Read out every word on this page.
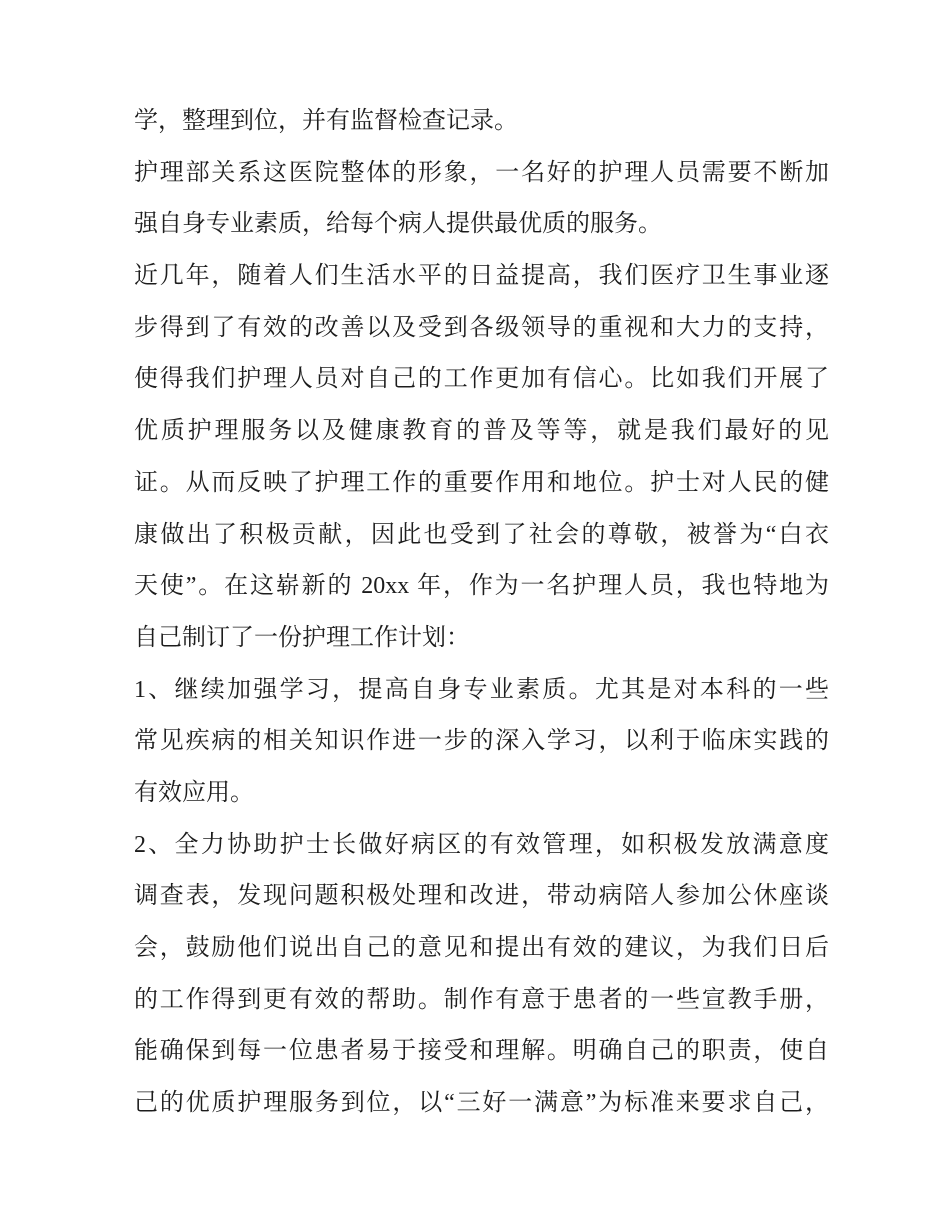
学，整理到位，并有监督检查记录。
护理部关系这医院整体的形象，一名好的护理人员需要不断加
强自身专业素质，给每个病人提供最优质的服务。
近几年，随着人们生活水平的日益提高，我们医疗卫生事业逐
步得到了有效的改善以及受到各级领导的重视和大力的支持，
使得我们护理人员对自己的工作更加有信心。比如我们开展了
优质护理服务以及健康教育的普及等等，就是我们最好的见
证。从而反映了护理工作的重要作用和地位。护士对人民的健
康做出了积极贡献，因此也受到了社会的尊敬，被誉为“白衣
天使”。在这崭新的 20xx 年，作为一名护理人员，我也特地为
自己制订了一份护理工作计划：
1、继续加强学习，提高自身专业素质。尤其是对本科的一些
常见疾病的相关知识作进一步的深入学习，以利于临床实践的
有效应用。
2、全力协助护士长做好病区的有效管理，如积极发放满意度
调查表，发现问题积极处理和改进，带动病陪人参加公休座谈
会，鼓励他们说出自己的意见和提出有效的建议，为我们日后
的工作得到更有效的帮助。制作有意于患者的一些宣教手册，
能确保到每一位患者易于接受和理解。明确自己的职责，使自
己的优质护理服务到位，以“三好一满意”为标准来要求自己，
